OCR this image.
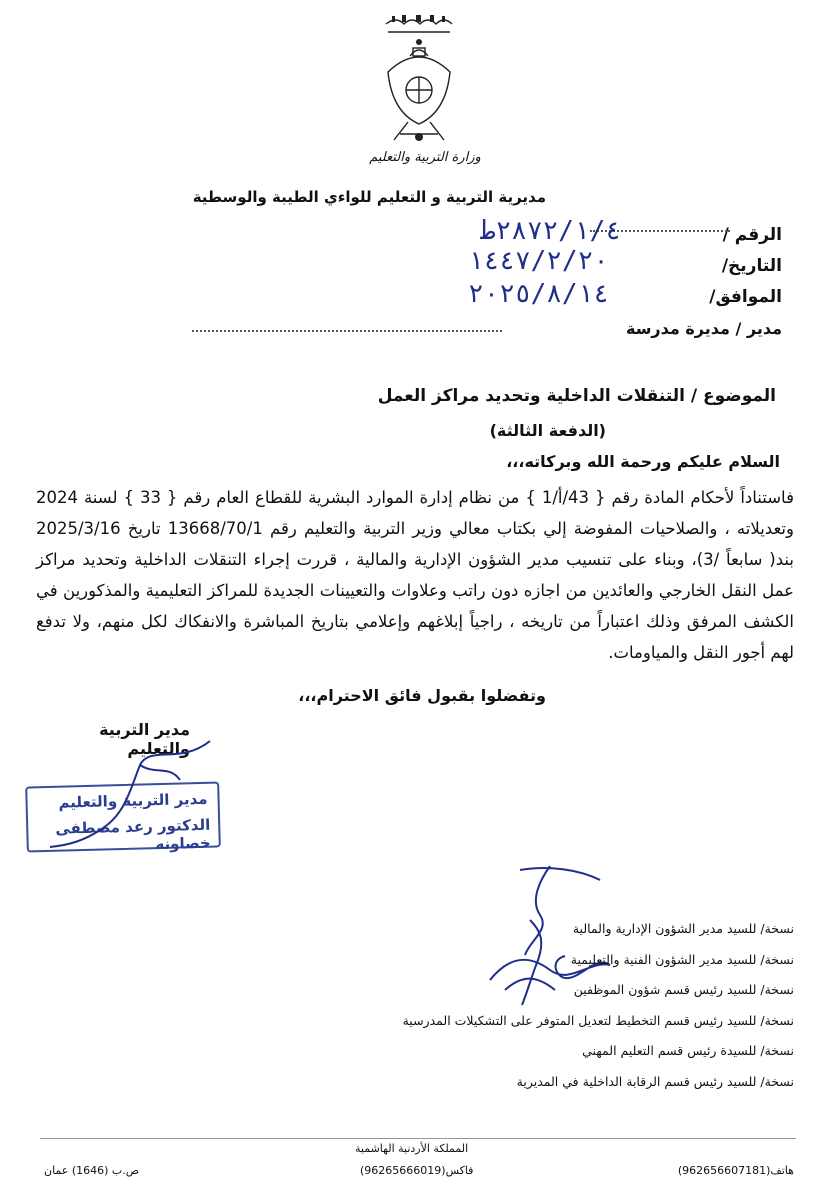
وزارة التربية والتعليم
مديرية التربية و التعليم للواءي الطيبة والوسطية
الرقم /
٢٨٧٢/١/٤ط
التاريخ/
١٤٤٧/٢/٢٠
الموافق/
٢٠٢٥/٨/١٤
مدير / مديرة مدرسة
الموضوع / التنقلات الداخلية وتحديد مراكز العمل
(الدفعة الثالثة)
السلام عليكم ورحمة الله وبركاته،،،
فاستناداً لأحكام المادة رقم { 43/أ/1 } من نظام إدارة الموارد البشرية للقطاع العام رقم { 33 } لسنة 2024 وتعديلاته ، والصلاحيات المفوضة إلي بكتاب معالي وزير التربية والتعليم رقم 13668/70/1 تاريخ 2025/3/16 بند( سابعاً /3)، وبناء على تنسيب مدير الشؤون الإدارية والمالية ، قررت إجراء التنقلات الداخلية وتحديد مراكز عمل النقل الخارجي والعائدين من اجازه دون راتب وعلاوات والتعيينات الجديدة للمراكز التعليمية والمذكورين في الكشف المرفق وذلك اعتباراً من تاريخه ، راجياً إبلاغهم وإعلامي بتاريخ المباشرة والانفكاك لكل منهم، ولا تدفع لهم أجور النقل والمياومات.
وتفضلوا بقبول فائق الاحترام،،،
مدير التربية والتعليم
مدير التربية والتعليم
الدكتور رعد مصطفى خصاونه
نسخة/ للسيد مدير الشؤون الإدارية والمالية
نسخة/ للسيد مدير الشؤون الفنية والتعليمية
نسخة/ للسيد رئيس قسم شؤون الموظفين
نسخة/ للسيد رئيس قسم التخطيط لتعديل المتوفر على التشكيلات المدرسية
نسخة/ للسيدة رئيس قسم التعليم المهني
نسخة/ للسيد رئيس قسم الرقابة الداخلية في المديرية
المملكة الأردنية الهاشمية
هاتف(962656607181)
فاكس(96265666019)
ص.ب (1646) عمان
